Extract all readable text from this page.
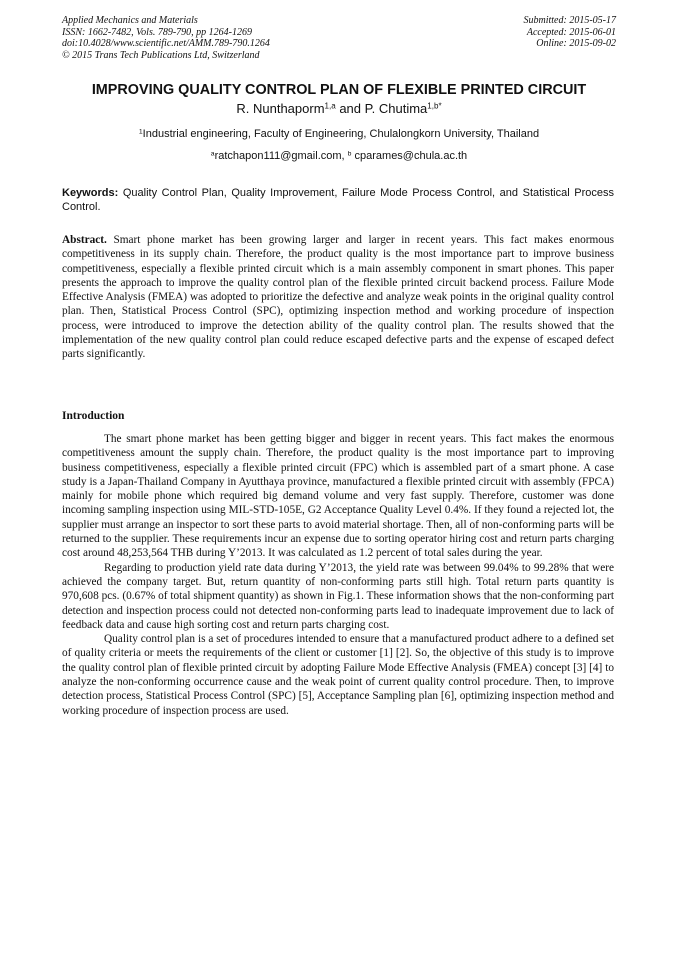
Applied Mechanics and Materials
ISSN: 1662-7482, Vols. 789-790, pp 1264-1269
doi:10.4028/www.scientific.net/AMM.789-790.1264
© 2015 Trans Tech Publications Ltd, Switzerland
Submitted: 2015-05-17
Accepted: 2015-06-01
Online: 2015-09-02
IMPROVING QUALITY CONTROL PLAN OF FLEXIBLE PRINTED CIRCUIT
R. Nunthaporm$^{1,a}$ and P. Chutima$^{1,b*}$
$^1$Industrial engineering, Faculty of Engineering, Chulalongkorn University, Thailand
$^a$ratchapon111@gmail.com, $^b$ cparames@chula.ac.th
Keywords: Quality Control Plan, Quality Improvement, Failure Mode Process Control, and Statistical Process Control.
Abstract. Smart phone market has been growing larger and larger in recent years. This fact makes enormous competitiveness in its supply chain. Therefore, the product quality is the most importance part to improve business competitiveness, especially a flexible printed circuit which is a main assembly component in smart phones. This paper presents the approach to improve the quality control plan of the flexible printed circuit backend process. Failure Mode Effective Analysis (FMEA) was adopted to prioritize the defective and analyze weak points in the original quality control plan. Then, Statistical Process Control (SPC), optimizing inspection method and working procedure of inspection process, were introduced to improve the detection ability of the quality control plan. The results showed that the implementation of the new quality control plan could reduce escaped defective parts and the expense of escaped defect parts significantly.
Introduction

The smart phone market has been getting bigger and bigger in recent years. This fact makes the enormous competitiveness amount the supply chain. Therefore, the product quality is the most importance part to improving business competitiveness, especially a flexible printed circuit (FPC) which is assembled part of a smart phone. A case study is a Japan-Thailand Company in Ayutthaya province, manufactured a flexible printed circuit with assembly (FPCA) mainly for mobile phone which required big demand volume and very fast supply. Therefore, customer was done incoming sampling inspection using MIL-STD-105E, G2 Acceptance Quality Level 0.4%. If they found a rejected lot, the supplier must arrange an inspector to sort these parts to avoid material shortage. Then, all of non-conforming parts will be returned to the supplier. These requirements incur an expense due to sorting operator hiring cost and return parts charging cost around 48,253,564 THB during Y’2013. It was calculated as 1.2 percent of total sales during the year.

Regarding to production yield rate data during Y’2013, the yield rate was between 99.04% to 99.28% that were achieved the company target. But, return quantity of non-conforming parts still high. Total return parts quantity is 970,608 pcs. (0.67% of total shipment quantity) as shown in Fig.1. These information shows that the non-conforming part detection and inspection process could not detected non-conforming parts lead to inadequate improvement due to lack of feedback data and cause high sorting cost and return parts charging cost.

Quality control plan is a set of procedures intended to ensure that a manufactured product adhere to a defined set of quality criteria or meets the requirements of the client or customer [1] [2]. So, the objective of this study is to improve the quality control plan of flexible printed circuit by adopting Failure Mode Effective Analysis (FMEA) concept [3] [4] to analyze the non-conforming occurrence cause and the weak point of current quality control procedure. Then, to improve detection process, Statistical Process Control (SPC) [5], Acceptance Sampling plan [6], optimizing inspection method and working procedure of inspection process are used.
